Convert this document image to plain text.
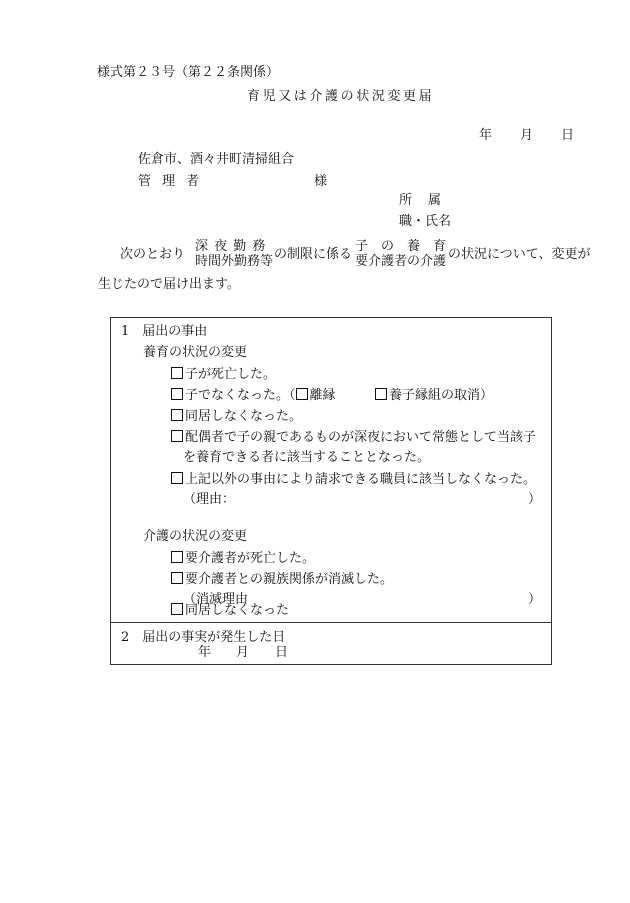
様式第２３号（第２２条関係）
育児又は介護の状況変更届
年 月 日
佐倉市、酒々井町清掃組合
管理者	様
所属
職・氏名
次のとおり
深 夜 勤 務
時間外勤務等 の制限に係る
子　の　養　育
要介護者の介護 の状況について、変更が
生じたので届け出ます。
1　届出の事由
養育の状況の変更
子が死亡した。
子でなくなった。（ 離縁	養子縁組の取消）
同居しなくなった。
配偶者で子の親であるものが深夜において常態として当該子
を養育できる者に該当することとなった。
上記以外の事由により請求できる職員に該当しなくなった。
（理由：	）
介護の状況の変更
要介護者が死亡した。
要介護者との親族関係が消滅した。
（消滅理由	）
同居しなくなった
2　届出の事実が発生した日
年 月 日
